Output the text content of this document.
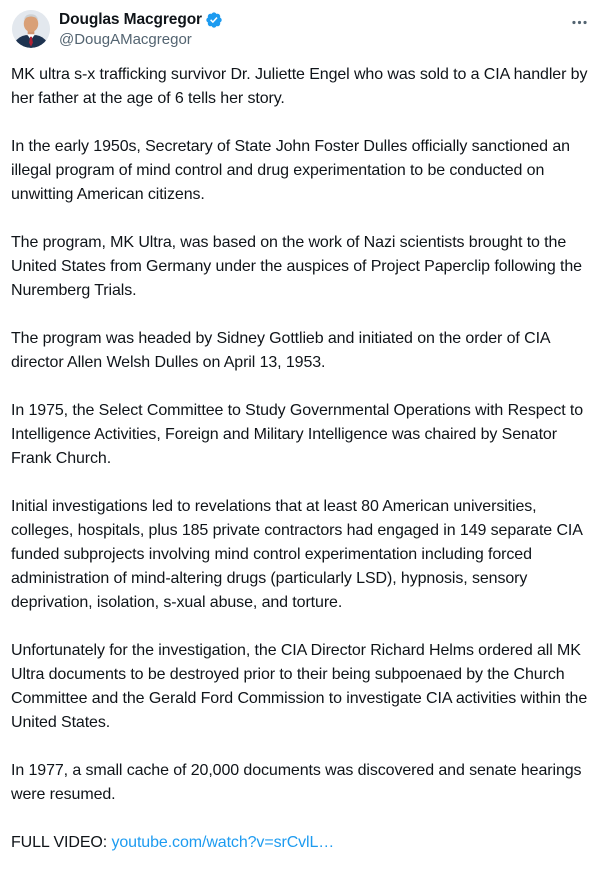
Douglas Macgregor
@DougAMacgregor

MK ultra s-x trafficking survivor Dr. Juliette Engel who was sold to a CIA handler by her father at the age of 6 tells her story.

In the early 1950s, Secretary of State John Foster Dulles officially sanctioned an illegal program of mind control and drug experimentation to be conducted on unwitting American citizens.

The program, MK Ultra, was based on the work of Nazi scientists brought to the United States from Germany under the auspices of Project Paperclip following the Nuremberg Trials.

The program was headed by Sidney Gottlieb and initiated on the order of CIA director Allen Welsh Dulles on April 13, 1953.

In 1975, the Select Committee to Study Governmental Operations with Respect to Intelligence Activities, Foreign and Military Intelligence was chaired by Senator Frank Church.

Initial investigations led to revelations that at least 80 American universities, colleges, hospitals, plus 185 private contractors had engaged in 149 separate CIA funded subprojects involving mind control experimentation including forced administration of mind-altering drugs (particularly LSD), hypnosis, sensory deprivation, isolation, s-xual abuse, and torture.

Unfortunately for the investigation, the CIA Director Richard Helms ordered all MK Ultra documents to be destroyed prior to their being subpoenaed by the Church Committee and the Gerald Ford Commission to investigate CIA activities within the United States.

In 1977, a small cache of 20,000 documents was discovered and senate hearings were resumed.

FULL VIDEO: youtube.com/watch?v=srCvlL…
